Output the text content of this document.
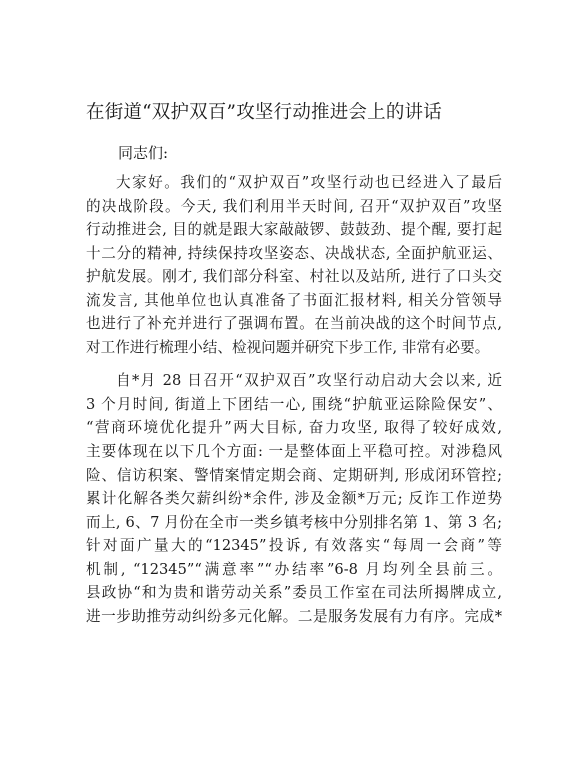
在街道“双护双百”攻坚行动推进会上的讲话
同志们:
大家好。我们的“双护双百”攻坚行动也已经进入了最后
的决战阶段。今天, 我们利用半天时间, 召开“双护双百”攻坚
行动推进会, 目的就是跟大家敲敲锣、鼓鼓劲、提个醒, 要打起
十二分的精神, 持续保持攻坚姿态、决战状态, 全面护航亚运、
护航发展。刚才, 我们部分科室、村社以及站所, 进行了口头交
流发言, 其他单位也认真准备了书面汇报材料, 相关分管领导
也进行了补充并进行了强调布置。在当前决战的这个时间节点,
对工作进行梳理小结、检视问题并研究下步工作, 非常有必要。
自*月 28 日召开“双护双百”攻坚行动启动大会以来, 近
3 个月时间, 街道上下团结一心, 围绕“护航亚运除险保安”、
“营商环境优化提升”两大目标, 奋力攻坚, 取得了较好成效,
主要体现在以下几个方面: 一是整体面上平稳可控。对涉稳风
险、信访积案、警情案情定期会商、定期研判, 形成闭环管控;
累计化解各类欠薪纠纷*余件, 涉及金额*万元; 反诈工作逆势
而上, 6、7 月份在全市一类乡镇考核中分别排名第 1、第 3 名;
针对面广量大的“12345”投诉, 有效落实“每周一会商”等
机制, “12345”“满意率”“办结率”6-8 月均列全县前三。
县政协“和为贵和谐劳动关系”委员工作室在司法所揭牌成立,
进一步助推劳动纠纷多元化解。二是服务发展有力有序。完成*
